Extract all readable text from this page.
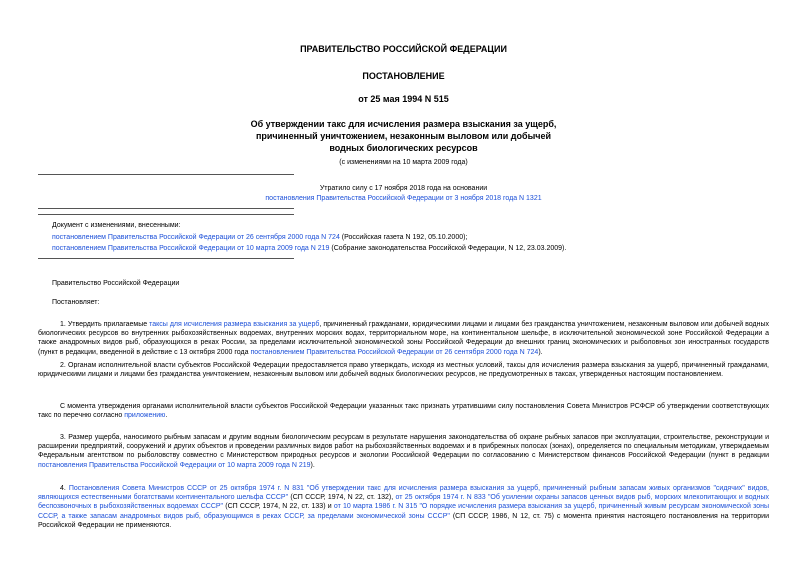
ПРАВИТЕЛЬСТВО РОССИЙСКОЙ ФЕДЕРАЦИИ
ПОСТАНОВЛЕНИЕ
от 25 мая 1994 N 515
Об утверждении такс для исчисления размера взыскания за ущерб,
причиненный уничтожением, незаконным выловом или добычей
водных биологических ресурсов
(с изменениями на 10 марта 2009 года)
Утратило силу с 17 ноября 2018 года на основании
постановления Правительства Российской Федерации от 3 ноября 2018 года N 1321
Документ с изменениями, внесенными:
постановлением Правительства Российской Федерации от 26 сентября 2000 года N 724 (Российская газета N 192, 05.10.2000);
постановлением Правительства Российской Федерации от 10 марта 2009 года N 219 (Собрание законодательства Российской Федерации, N 12, 23.03.2009).
Правительство Российской Федерации
Постановляет:
1. Утвердить прилагаемые таксы для исчисления размера взыскания за ущерб, причиненный гражданами, юридическими лицами и лицами без гражданства уничтожением, незаконным выловом или добычей водных биологических ресурсов во внутренних рыбохозяйственных водоемах, внутренних морских водах, территориальном море, на континентальном шельфе, в исключительной экономической зоне Российской Федерации а также анадромных видов рыб, образующихся в реках России, за пределами исключительной экономической зоны Российской Федерации до внешних границ экономических и рыболовных зон иностранных государств (пункт в редакции, введенной в действие с 13 октября 2000 года постановлением Правительства Российской Федерации от 26 сентября 2000 года N 724).
2. Органам исполнительной власти субъектов Российской Федерации предоставляется право утверждать, исходя из местных условий, таксы для исчисления размера взыскания за ущерб, причиненный гражданами, юридическими лицами и лицами без гражданства уничтожением, незаконным выловом или добычей водных биологических ресурсов, не предусмотренных в таксах, утвержденных настоящим постановлением.
С момента утверждения органами исполнительной власти субъектов Российской Федерации указанных такс признать утратившими силу постановления Совета Министров РСФСР об утверждении соответствующих такс по перечню согласно приложению.
3. Размер ущерба, наносимого рыбным запасам и другим водным биологическим ресурсам в результате нарушения законодательства об охране рыбных запасов при эксплуатации, строительстве, реконструкции и расширении предприятий, сооружений и других объектов и проведении различных видов работ на рыбохозяйственных водоемах и в прибрежных полосах (зонах), определяется по специальным методикам, утверждаемым Федеральным агентством по рыболовству совместно с Министерством природных ресурсов и экологии Российской Федерации по согласованию с Министерством финансов Российской Федерации (пункт в редакции постановления Правительства Российской Федерации от 10 марта 2009 года N 219).
4. Постановления Совета Министров СССР от 25 октября 1974 г. N 831 "Об утверждении такс для исчисления размера взыскания за ущерб, причиненный рыбным запасам живых организмов "сидячих" видов, являющихся естественными богатствами континентального шельфа СССР" (СП СССР, 1974, N 22, ст. 132), от 25 октября 1974 г. N 833 "Об усилении охраны запасов ценных видов рыб, морских млекопитающих и водных беспозвоночных в рыбохозяйственных водоемах СССР" (СП СССР, 1974, N 22, ст. 133) и от 10 марта 1986 г. N 315 "О порядке исчисления размера взыскания за ущерб, причиненный живым ресурсам экономической зоны СССР, а также запасам анадромных видов рыб, образующимся в реках СССР, за пределами экономической зоны СССР" (СП СССР, 1986, N 12, ст. 75) с момента принятия настоящего постановления на территории Российской Федерации не применяются.
